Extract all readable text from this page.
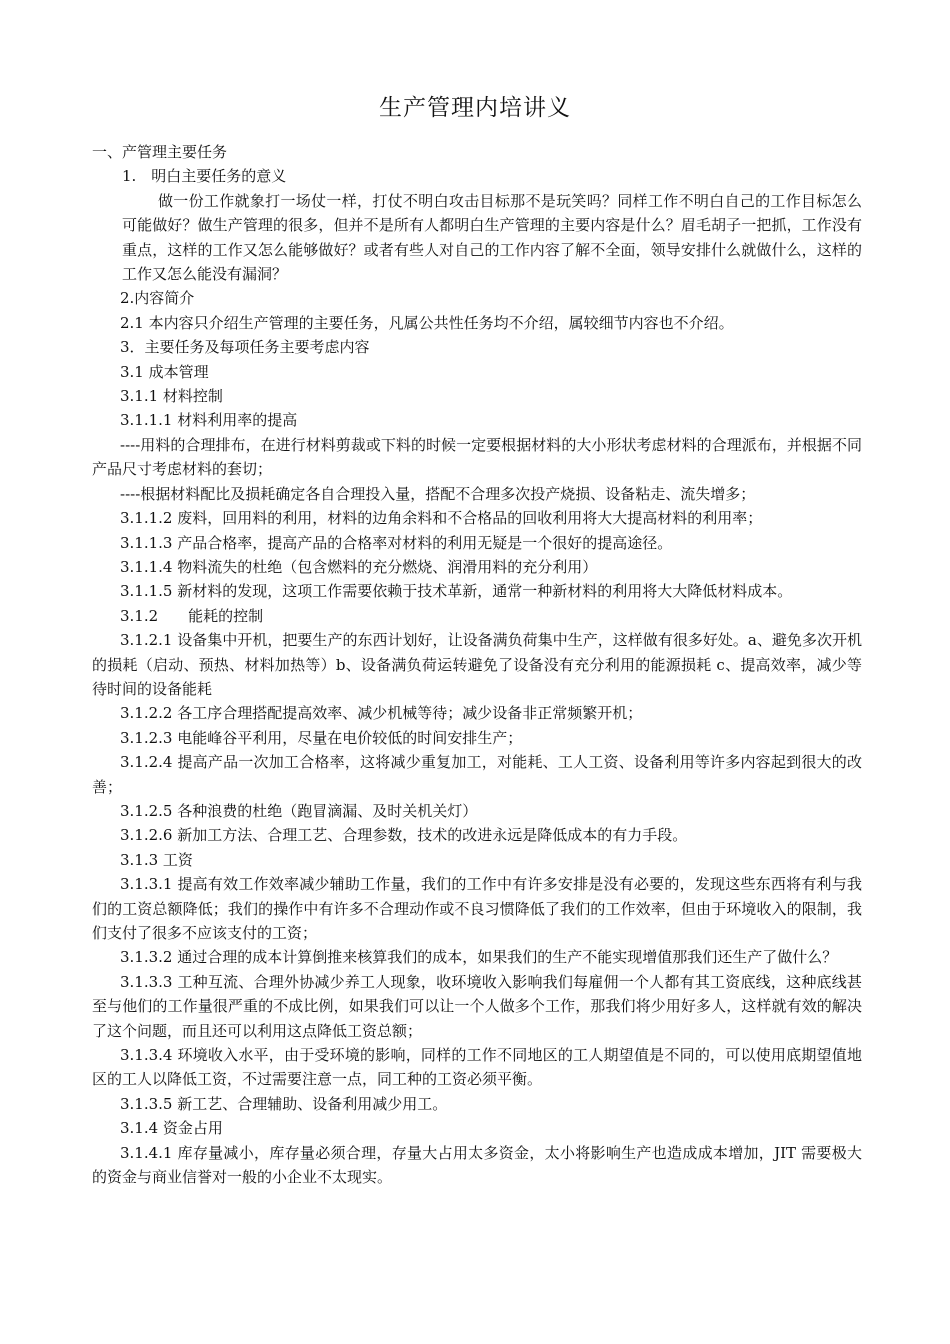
生产管理内培讲义

一、产管理主要任务

1.　明白主要任务的意义

做一份工作就象打一场仗一样，打仗不明白攻击目标那不是玩笑吗？同样工作不明白自己的工作目标怎么可能做好？做生产管理的很多，但并不是所有人都明白生产管理的主要内容是什么？眉毛胡子一把抓，工作没有重点，这样的工作又怎么能够做好？或者有些人对自己的工作内容了解不全面，领导安排什么就做什么，这样的工作又怎么能没有漏洞？

2.内容简介

2.1 本内容只介绍生产管理的主要任务，凡属公共性任务均不介绍，属较细节内容也不介绍。

3．主要任务及每项任务主要考虑内容

3.1 成本管理

3.1.1 材料控制

3.1.1.1 材料利用率的提高

----用料的合理排布，在进行材料剪裁或下料的时候一定要根据材料的大小形状考虑材料的合理派布，并根据不同产品尺寸考虑材料的套切；

----根据材料配比及损耗确定各自合理投入量，搭配不合理多次投产烧损、设备粘走、流失增多；

3.1.1.2 废料，回用料的利用，材料的边角余料和不合格品的回收利用将大大提高材料的利用率；

3.1.1.3 产品合格率，提高产品的合格率对材料的利用无疑是一个很好的提高途径。

3.1.1.4 物料流失的杜绝（包含燃料的充分燃烧、润滑用料的充分利用）

3.1.1.5 新材料的发现，这项工作需要依赖于技术革新，通常一种新材料的利用将大大降低材料成本。

3.1.2　　能耗的控制

3.1.2.1 设备集中开机，把要生产的东西计划好，让设备满负荷集中生产，这样做有很多好处。a、避免多次开机的损耗（启动、预热、材料加热等）b、设备满负荷运转避免了设备没有充分利用的能源损耗 c、提高效率，减少等待时间的设备能耗

3.1.2.2 各工序合理搭配提高效率、减少机械等待；减少设备非正常频繁开机；

3.1.2.3 电能峰谷平利用，尽量在电价较低的时间安排生产；

3.1.2.4 提高产品一次加工合格率，这将减少重复加工，对能耗、工人工资、设备利用等许多内容起到很大的改善；

3.1.2.5 各种浪费的杜绝（跑冒滴漏、及时关机关灯）

3.1.2.6 新加工方法、合理工艺、合理参数，技术的改进永远是降低成本的有力手段。

3.1.3 工资

3.1.3.1 提高有效工作效率减少辅助工作量，我们的工作中有许多安排是没有必要的，发现这些东西将有利与我们的工资总额降低；我们的操作中有许多不合理动作或不良习惯降低了我们的工作效率，但由于环境收入的限制，我们支付了很多不应该支付的工资；

3.1.3.2 通过合理的成本计算倒推来核算我们的成本，如果我们的生产不能实现增值那我们还生产了做什么？

3.1.3.3 工种互流、合理外协减少养工人现象，收环境收入影响我们每雇佣一个人都有其工资底线，这种底线甚至与他们的工作量很严重的不成比例，如果我们可以让一个人做多个工作，那我们将少用好多人，这样就有效的解决了这个问题，而且还可以利用这点降低工资总额；

3.1.3.4 环境收入水平，由于受环境的影响，同样的工作不同地区的工人期望值是不同的，可以使用底期望值地区的工人以降低工资，不过需要注意一点，同工种的工资必须平衡。

3.1.3.5 新工艺、合理辅助、设备利用减少用工。

3.1.4 资金占用

3.1.4.1 库存量减小，库存量必须合理，存量大占用太多资金，太小将影响生产也造成成本增加，JIT 需要极大的资金与商业信誉对一般的小企业不太现实。
